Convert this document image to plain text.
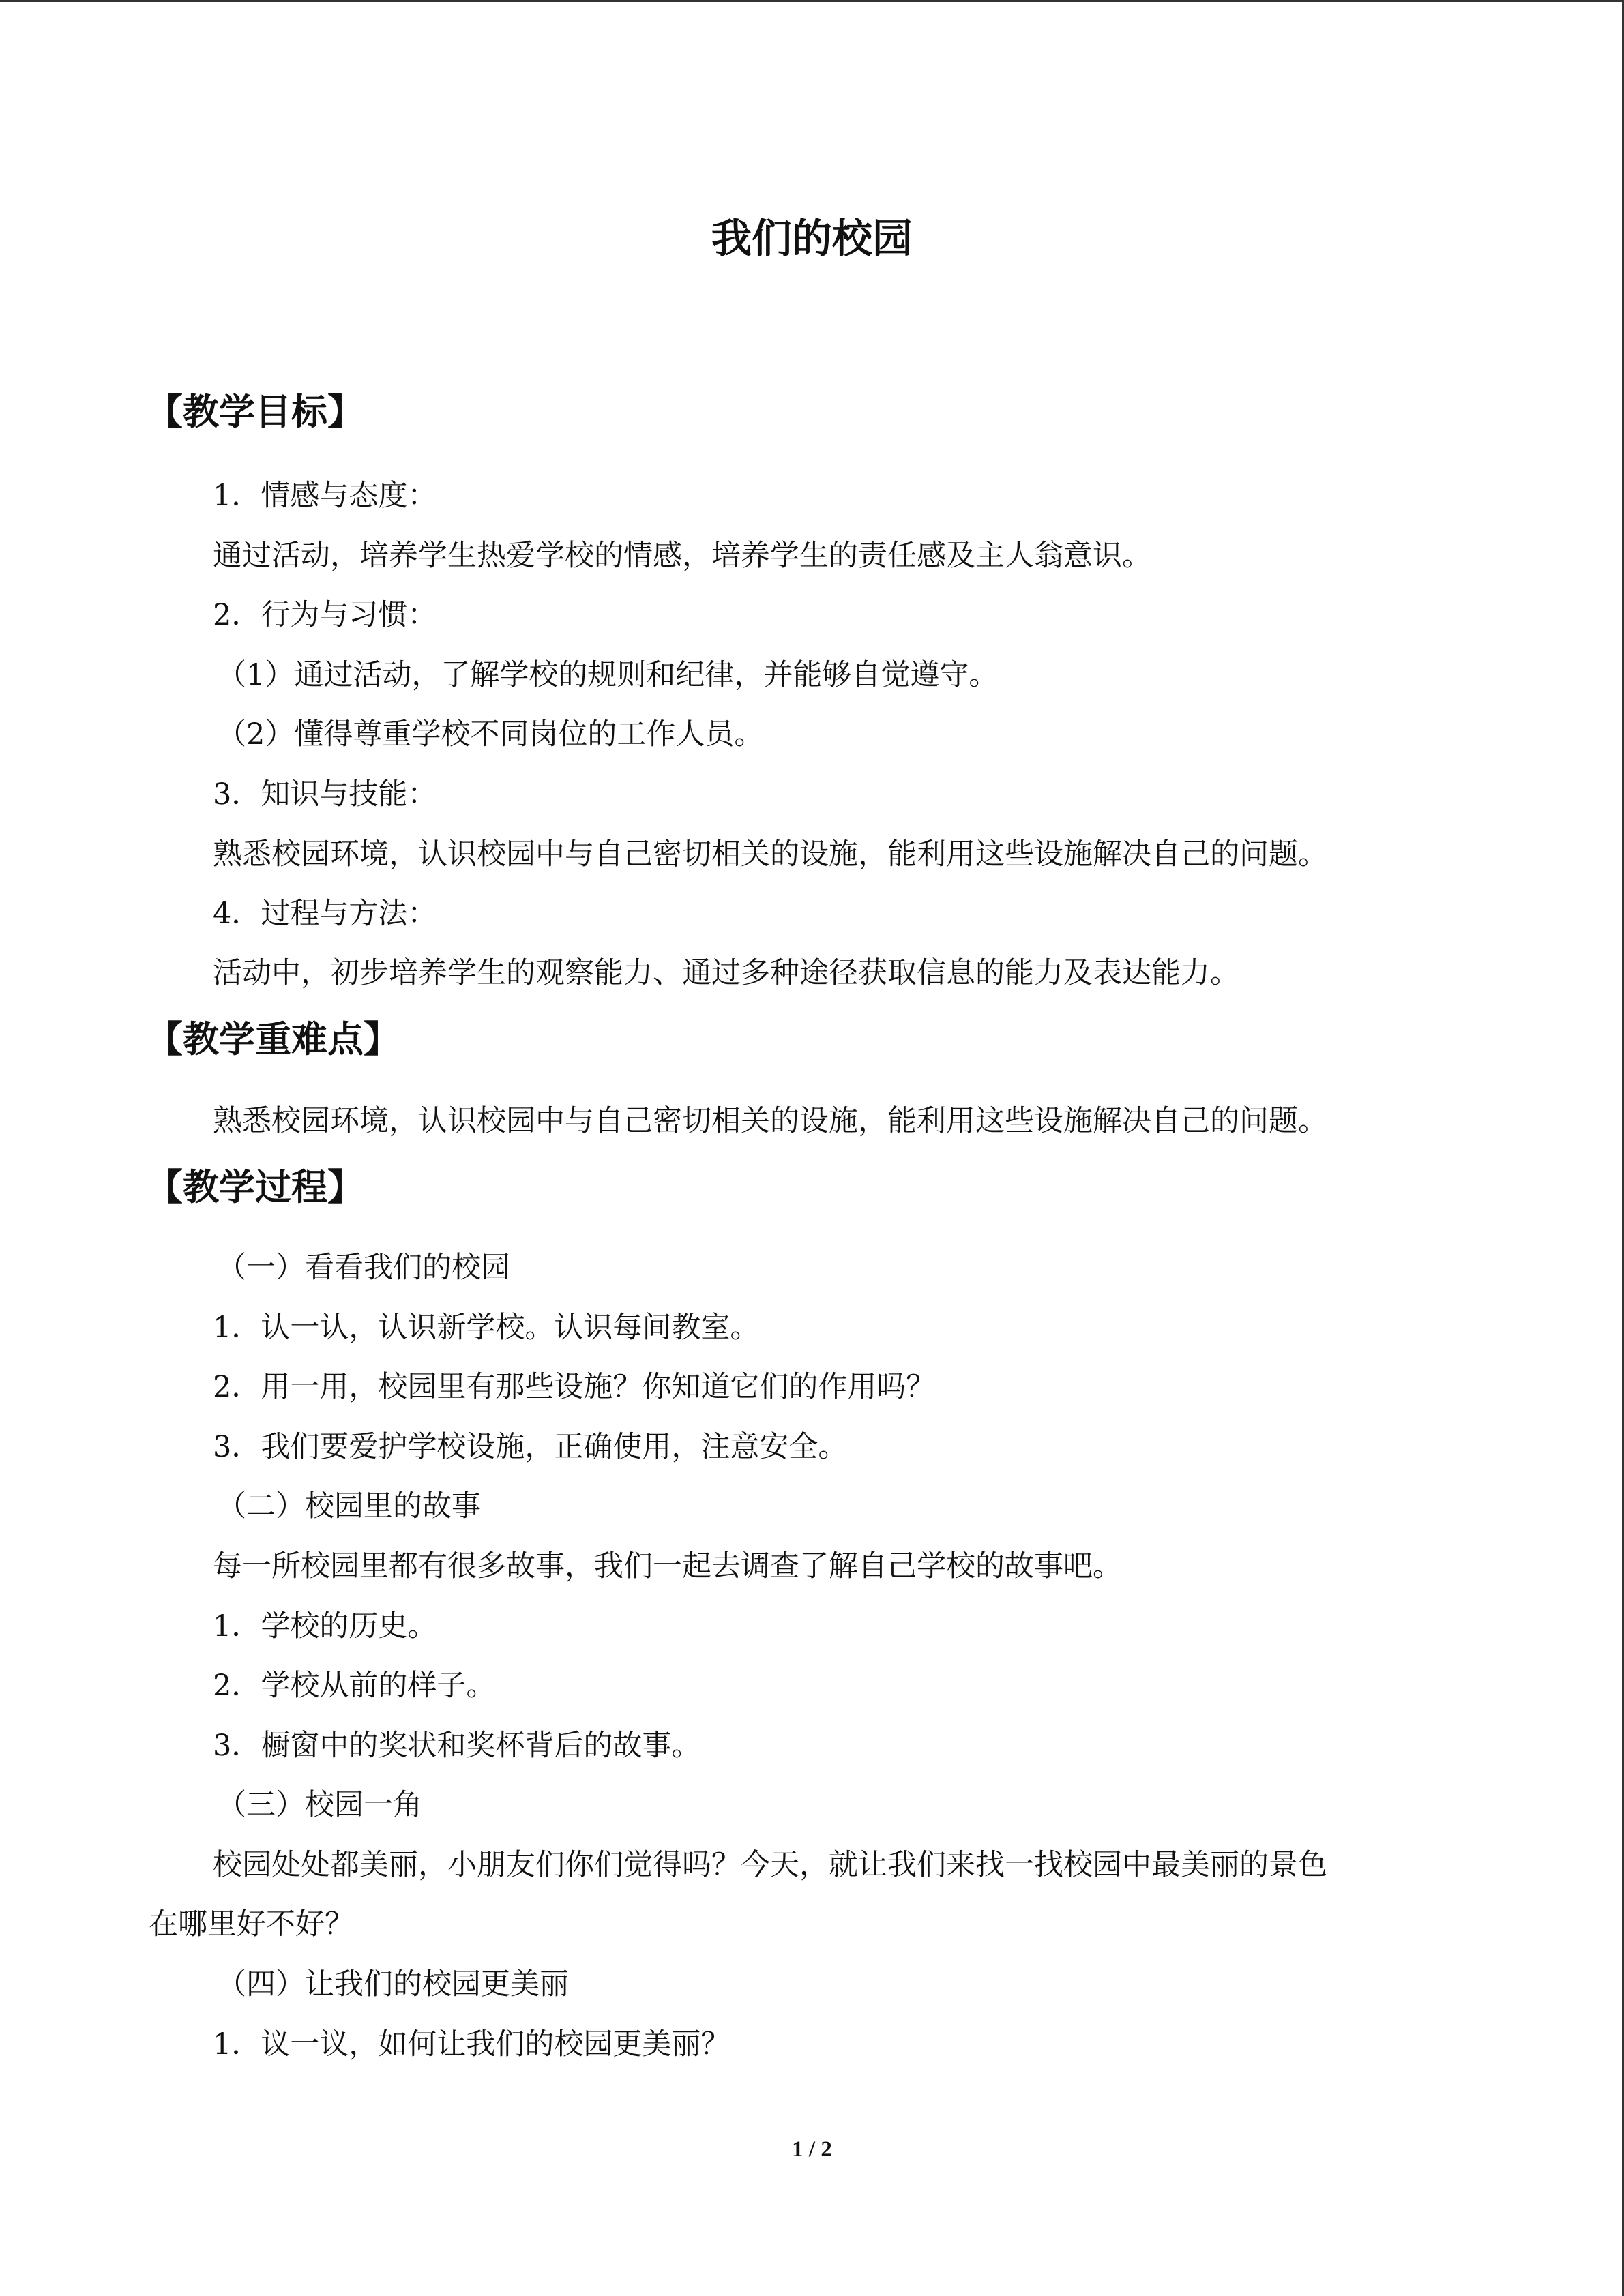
我们的校园
【教学目标】
1．情感与态度：
通过活动，培养学生热爱学校的情感，培养学生的责任感及主人翁意识。
2．行为与习惯：
（1）通过活动，了解学校的规则和纪律，并能够自觉遵守。
（2）懂得尊重学校不同岗位的工作人员。
3．知识与技能：
熟悉校园环境，认识校园中与自己密切相关的设施，能利用这些设施解决自己的问题。
4．过程与方法：
活动中，初步培养学生的观察能力、通过多种途径获取信息的能力及表达能力。
【教学重难点】
熟悉校园环境，认识校园中与自己密切相关的设施，能利用这些设施解决自己的问题。
【教学过程】
（一）看看我们的校园
1．认一认，认识新学校。认识每间教室。
2．用一用，校园里有那些设施？你知道它们的作用吗？
3．我们要爱护学校设施，正确使用，注意安全。
（二）校园里的故事
每一所校园里都有很多故事，我们一起去调查了解自己学校的故事吧。
1．学校的历史。
2．学校从前的样子。
3．橱窗中的奖状和奖杯背后的故事。
（三）校园一角
校园处处都美丽，小朋友们你们觉得吗？今天，就让我们来找一找校园中最美丽的景色
在哪里好不好？
（四）让我们的校园更美丽
1．议一议，如何让我们的校园更美丽？
1 / 2
